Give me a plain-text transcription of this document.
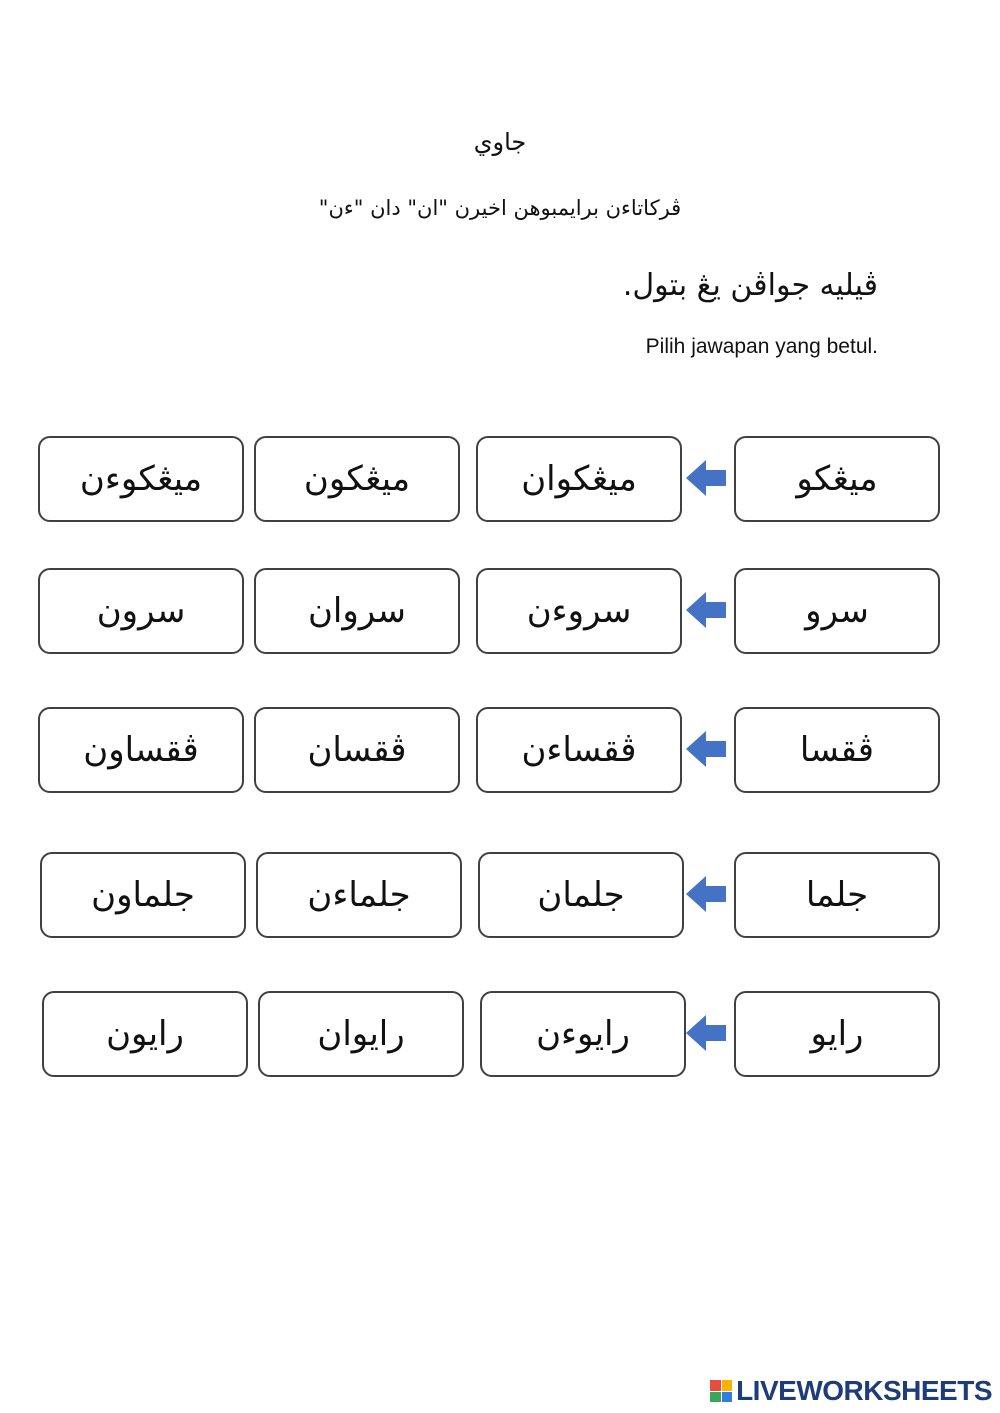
جاوي
ڤركاتاءن برايمبوهن اخيرن "ان" دان "ءن"
ڤيليه جواڤن يڠ بتول.
Pilih jawapan yang betul.
ميڠكوءن	ميڠكون	ميڠكوان	ميڠكو
سرون	سروان	سروءن	سرو
ڤقساون	ڤقسان	ڤقساءن	ڤقسا
جلماون	جلماءن	جلمان	جلما
رايون	رايوان	رايوءن	رايو
LIVEWORKSHEETS
